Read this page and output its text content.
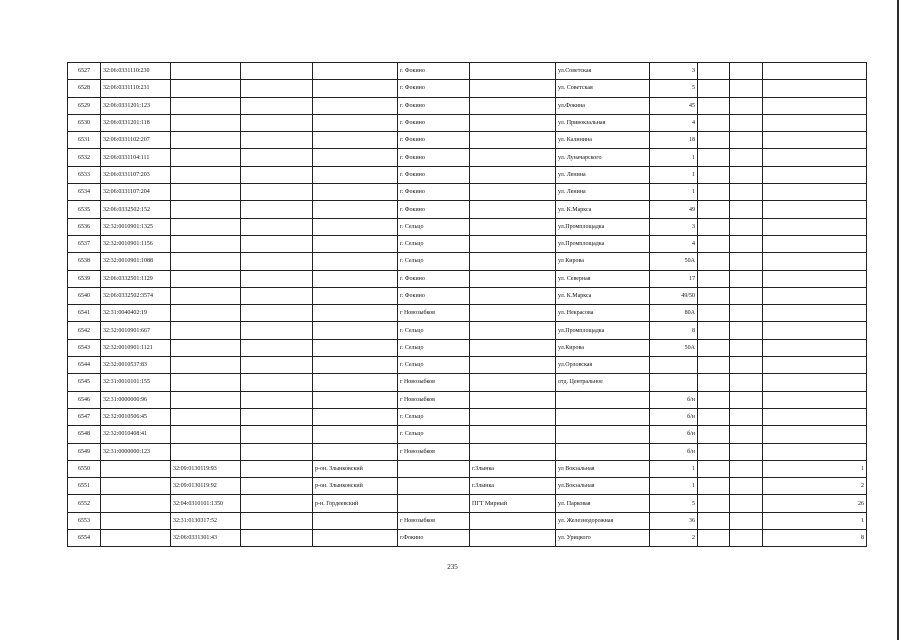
6527	32:06:0331110:230				г. Фокино		ул.Советская	3			
6528	32:06:0331110:231				г. Фокино		ул. Советская	5			
6529	32:06:0331201:123				г. Фокино		ул.Фокина	45			
6530	32:06:0331201:118				г. Фокино		ул. Привокзальная	4			
6531	32:06:0331102:207				г. Фокино		ул. Калинина	18			
6532	32:06:0331104:111				г. Фокино		ул. Луначарского	1			
6533	32:06:0331107:203				г. Фокино		ул. Ленина	1			
6534	32:06:0331107:204				г. Фокино		ул. Ленина	1			
6535	32:06:0332502:152				г. Фокино		ул. К.Маркса	49			
6536	32:32:0010901:1325				г. Сельцо		ул.Промплощадка	3			
6537	32:32:0010901:1156				г. Сельцо		ул.Промплощадка	4			
6538	32:32:0010901:1088				г. Сельцо		ул Кирова	50А			
6539	32:06:0332501:1129				г. Фокино		ул. Северная	17			
6540	32:06:0332502:3574				г. Фокино		ул. К.Маркса	49/50			
6541	32:31:0040402:19				г Новозыбков		ул. Некрасова	80А			
6542	32:32:0010901:667				г. Сельцо		ул.Промплощадка	8			
6543	32:32:0010901:1121				г. Сельцо		ул.Кирова	50А			
6544	32:32:0010537:83				г. Сельцо		ул.Орловская				
6545	32:31:0010101:155				г Новозыбков		отд. Центральное				
6546	32:31:0000000:96				г Новозыбков			б/н			
6547	32:32:0010506:45				г. Сельцо			б/н			
6548	32:32:0010408:41				г. Сельцо			б/н			
6549	32:31:0000000:123				г Новозыбков			б/н			
6550		32:09:0130119:93		р-он. Злынковский		г.Злынка	ул Вокзальная	1			1
6551		32:09:0130119:92		р-он. Злынковский		г.Злынка	ул.Вокзальная	1			2
6552		32:04:0310101:1350		р-н. Гордеевский		ПГТ Мирный	ул. Парковая	5			26
6553		32:31:0130317:52			г Новозыбков		ул. Железнодорожная	36			1
6554		32:06:0331301:43			г.Фокино		ул. Урицкого	2			8
235
